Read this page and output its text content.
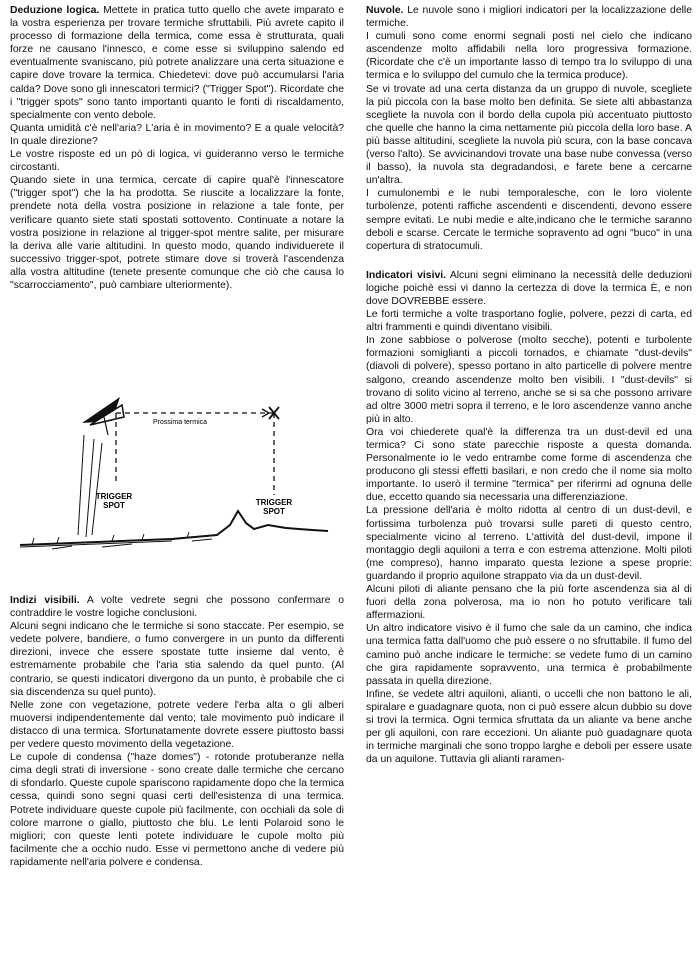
Deduzione logica. Mettete in pratica tutto quello che avete imparato e la vostra esperienza per trovare termiche sfruttabili. Più avrete capito il processo di formazione della termica, come essa è strutturata, quali forze ne causano l'innesco, e come esse si sviluppino salendo ed eventualmente svaniscano, più potrete analizzare una certa situazione e capire dove trovare la termica. Chiedetevi: dove può accumularsi l'aria calda? Dove sono gli innescatori termici? ("Trigger Spot"). Ricordate che i "trigger spots" sono tanto importanti quanto le fonti di riscaldamento, specialmente con vento debole.

Quanta umidità c'è nell'aria? L'aria è in movimento? E a quale velocità? In quale direzione?

Le vostre risposte ed un pò di logica, vi guideranno verso le termiche circostanti.

Quando siete in una termica, cercate di capire qual'è l'innescatore ("trigger spot") che la ha prodotta. Se riuscite a localizzare la fonte, prendete nota della vostra posizione in relazione a tale fonte, per verificare quanto siete stati spostati sottovento. Continuate a notare la vostra posizione in relazione al trigger-spot mentre salite, per misurare la deriva alle varie altitudini. In questo modo, quando individuerete il successivo trigger-spot, potrete stimare dove si troverà l'ascendenza alla vostra altitudine (tenete presente comunque che ciò che causa lo "scarrocciamento", può cambiare ulteriormente).

Prossima termica
TRIGGER
SPOT	TRIGGER
SPOT

Indizi visibili. A volte vedrete segni che possono confermare o contraddire le vostre logiche conclusioni.

Alcuni segni indicano che le termiche si sono staccate. Per esempio, se vedete polvere, bandiere, o fumo convergere in un punto da differenti direzioni, invece che essere spostate tutte insieme dal vento, è estremamente probabile che l'aria stia salendo da quel punto. (Al contrario, se questi indicatori divergono da un punto, è probabile che ci sia discendenza su quel punto).

Nelle zone con vegetazione, potrete vedere l'erba alta o gli alberi muoversi indipendentemente dal vento; tale movimento può indicare il distacco di una termica. Sfortunatamente dovrete essere piuttosto bassi per vedere questo movimento della vegetazione.

Le cupole di condensa ("haze domes") - rotonde protuberanze nella cima degli strati di inversione - sono create dalle termiche che cercano di sfondarlo. Queste cupole spariscono rapidamente dopo che la termica cessa, quindi sono segni quasi certi dell'esistenza di una termica. Potrete individuare queste cupole più facilmente, con occhiali da sole di colore marrone o giallo, piuttosto che blu. Le lenti Polaroid sono le migliori; con queste lenti potete individuare le cupole molto più facilmente che a occhio nudo. Esse vi permettono anche di vedere più rapidamente nell'aria polvere e condensa.

Nuvole. Le nuvole sono i migliori indicatori per la localizzazione delle termiche.

I cumuli sono come enormi segnali posti nel cielo che indicano ascendenze molto affidabili nella loro progressiva formazione. (Ricordate che c'è un importante lasso di tempo tra lo sviluppo di una termica e lo sviluppo del cumulo che la termica produce).

Se vi trovate ad una certa distanza da un gruppo di nuvole, scegliete la più piccola con la base molto ben definita. Se siete alti abbastanza scegliete la nuvola con il bordo della cupola più accentuato piuttosto che quelle che hanno la cima nettamente più piccola della loro base. A più basse altitudini, scegliete la nuvola più scura, con la base concava (verso l'alto). Se avvicinandovi trovate una base nube convessa (verso il basso), la nuvola sta degradandosi, e farete bene a cercarne un'altra.

I cumulonembi e le nubi temporalesche, con le loro violente turbolenze, potenti raffiche ascendenti e discendenti, devono essere sempre evitati. Le nubi medie e alte,indicano che le termiche saranno deboli e scarse. Cercate le termiche sopravento ad ogni "buco" in una copertura di stratocumuli.

Indicatori visivi. Alcuni segni eliminano la necessità delle deduzioni logiche poichè essi vi danno la certezza di dove la termica È, e non dove DOVREBBE essere.

Le forti termiche a volte trasportano foglie, polvere, pezzi di carta, ed altri frammenti e quindi diventano visibili.

In zone sabbiose o polverose (molto secche), potenti e turbolente formazioni somiglianti a piccoli tornados, e chiamate "dust-devils" (diavoli di polvere), spesso portano in alto particelle di polvere mentre salgono, creando ascendenze molto ben visibili. I "dust-devils" si trovano di solito vicino al terreno, anche se si sa che possono arrivare ad oltre 3000 metri sopra il terreno, e le loro ascendenze vanno anche più in alto.

Ora voi chiederete qual'è la differenza tra un dust-devil ed una termica? Ci sono state parecchie risposte a questa domanda. Personalmente io le vedo entrambe come forme di ascendenza che producono gli stessi effetti basilari, e non credo che il nome sia molto importante. Io userò il termine "termica" per riferirmi ad ognuna delle due, eccetto quando sia necessaria una differenziazione.

La pressione dell'aria è molto ridotta al centro di un dust-devil, e fortissima turbolenza può trovarsi sulle pareti di questo centro, specialmente vicino al terreno. L'attività del dust-devil, impone il montaggio degli aquiloni a terra e con estrema attenzione. Molti piloti (me compreso), hanno imparato questa lezione a spese proprie: guardando il proprio aquilone strappato via da un dust-devil.

Alcuni piloti di aliante pensano che la più forte ascendenza sia al di fuori della zona polverosa, ma io non ho potuto verificare tali affermazioni.

Un altro indicatore visivo è il fumo che sale da un camino, che indica una termica fatta dall'uomo che può essere o no sfruttabile. Il fumo del camino può anche indicare le termiche: se vedete fumo di un camino che gira rapidamente sopravvento, una termica è probabilmente passata in quella direzione.

Infine, se vedete altri aquiloni, alianti, o uccelli che non battono le ali, spiralare e guadagnare quota, non ci può essere alcun dubbio su dove si trovi la termica. Ogni termica sfruttata da un aliante va bene anche per gli aquiloni, con rare eccezioni. Un aliante può guadagnare quota in termiche marginali che sono troppo larghe e deboli per essere usate da un aquilone. Tuttavia gli alianti raramen-
